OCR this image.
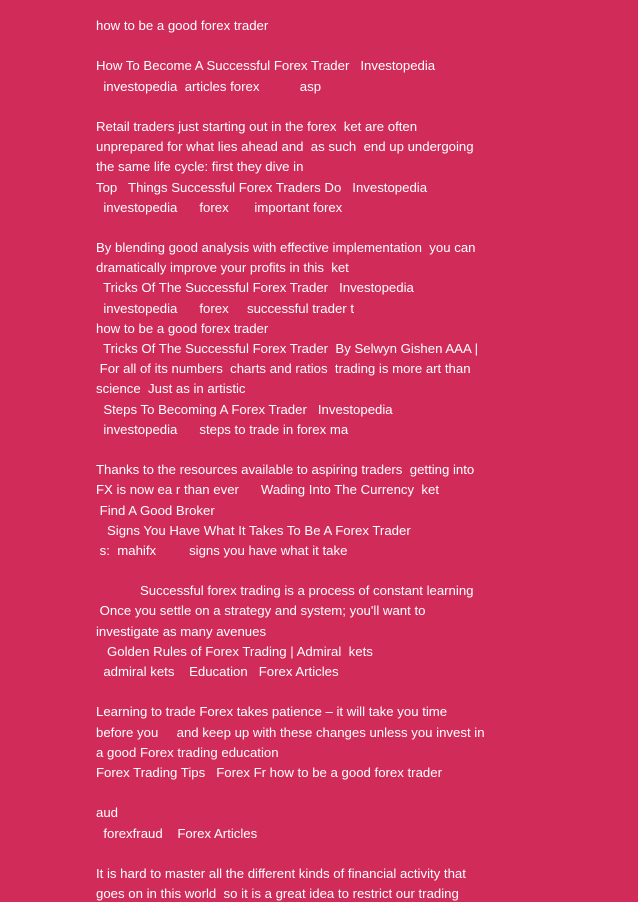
how to be a good forex trader

How To Become A Successful Forex Trader   Investopedia

investopedia  articles forex           asp

Retail traders just starting out in the forex  ket are often

unprepared for what lies ahead and  as such  end up undergoing

the same life cycle: first they dive in

Top   Things Successful Forex Traders Do   Investopedia

investopedia      forex       important forex

By blending good analysis with effective implementation  you can

dramatically improve your profits in this  ket

Tricks Of The Successful Forex Trader   Investopedia

investopedia      forex     successful trader t

how to be a good forex trader

Tricks Of The Successful Forex Trader  By Selwyn Gishen AAA |

For all of its numbers  charts and ratios  trading is more art than

science  Just as in artistic

Steps To Becoming A Forex Trader   Investopedia

investopedia      steps to trade in forex ma

Thanks to the resources available to aspiring traders  getting into

FX is now ea r than ever      Wading Into The Currency  ket

Find A Good Broker

Signs You Have What It Takes To Be A Forex Trader

s:  mahifx         signs you have what it take

Successful forex trading is a process of constant learning

Once you settle on a strategy and system; you'll want to

investigate as many avenues

Golden Rules of Forex Trading | Admiral  kets

admiral kets    Education   Forex Articles

Learning to trade Forex takes patience – it will take you time

before you     and keep up with these changes unless you invest in

a good Forex trading education

Forex Trading Tips   Forex Fr how to be a good forex trader

aud

forexfraud    Forex Articles

It is hard to master all the different kinds of financial activity that

goes on in this world  so it is a great idea to restrict our trading
